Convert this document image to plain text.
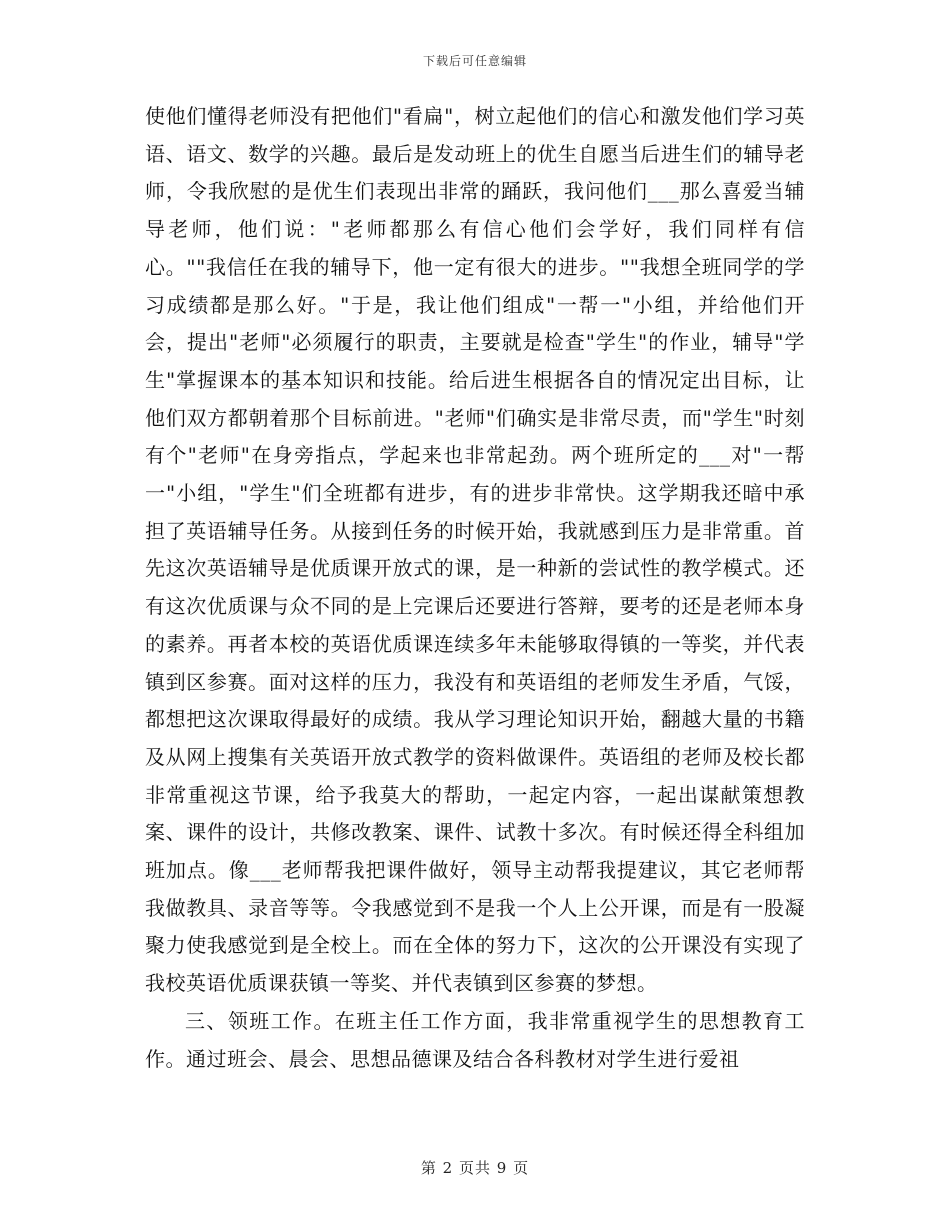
下载后可任意编辑

使他们懂得老师没有把他们"看扁"，树立起他们的信心和激发他们学习英语、语文、数学的兴趣。最后是发动班上的优生自愿当后进生们的辅导老师，令我欣慰的是优生们表现出非常的踊跃，我问他们___那么喜爱当辅导老师，他们说："老师都那么有信心他们会学好，我们同样有信心。""我信任在我的辅导下，他一定有很大的进步。""我想全班同学的学习成绩都是那么好。"于是，我让他们组成"一帮一"小组，并给他们开会，提出"老师"必须履行的职责，主要就是检查"学生"的作业，辅导"学生"掌握课本的基本知识和技能。给后进生根据各自的情况定出目标，让他们双方都朝着那个目标前进。"老师"们确实是非常尽责，而"学生"时刻有个"老师"在身旁指点，学起来也非常起劲。两个班所定的___对"一帮一"小组，"学生"们全班都有进步，有的进步非常快。这学期我还暗中承担了英语辅导任务。从接到任务的时候开始，我就感到压力是非常重。首先这次英语辅导是优质课开放式的课，是一种新的尝试性的教学模式。还有这次优质课与众不同的是上完课后还要进行答辩，要考的还是老师本身的素养。再者本校的英语优质课连续多年未能够取得镇的一等奖，并代表镇到区参赛。面对这样的压力，我没有和英语组的老师发生矛盾，气馁，都想把这次课取得最好的成绩。我从学习理论知识开始，翻越大量的书籍及从网上搜集有关英语开放式教学的资料做课件。英语组的老师及校长都非常重视这节课，给予我莫大的帮助，一起定内容，一起出谋献策想教案、课件的设计，共修改教案、课件、试教十多次。有时候还得全科组加班加点。像___老师帮我把课件做好，领导主动帮我提建议，其它老师帮我做教具、录音等等。令我感觉到不是我一个人上公开课，而是有一股凝聚力使我感觉到是全校上。而在全体的努力下，这次的公开课没有实现了我校英语优质课获镇一等奖、并代表镇到区参赛的梦想。

三、领班工作。在班主任工作方面，我非常重视学生的思想教育工作。通过班会、晨会、思想品德课及结合各科教材对学生进行爱祖

第 2 页共 9 页
